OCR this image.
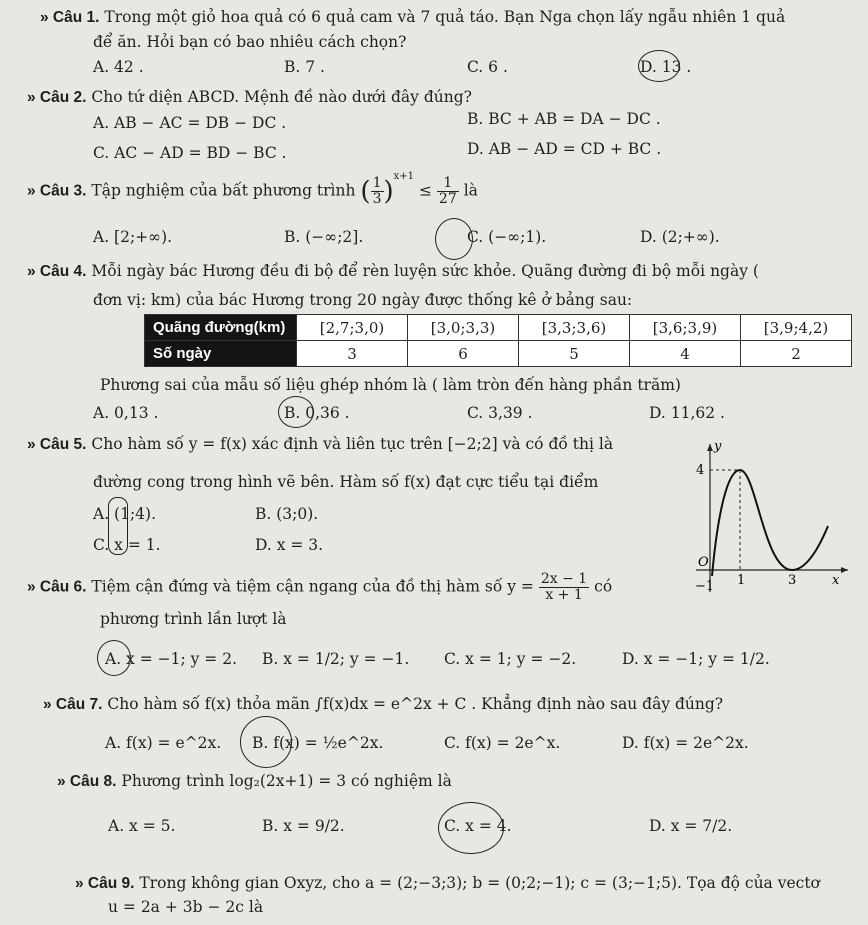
» Câu 1. Trong một giỏ hoa quả có 6 quả cam và 7 quả táo. Bạn Nga chọn lấy ngẫu nhiên 1 quả
để ăn. Hỏi bạn có bao nhiêu cách chọn?
A. 42 .	B. 7 .	C. 6 .	D. 13 .
» Câu 2. Cho tứ diện ABCD. Mệnh đề nào dưới đây đúng?
A. AB − AC = DB − DC .	B. BC + AB = DA − DC .
C. AC − AD = BD − BC .	D. AB − AD = CD + BC .
» Câu 3. Tập nghiệm của bất phương trình ( $\frac{1}{3} )^{x+1} \le \frac{1}{27}$ là
A. [2;+∞).	B. (−∞;2].	C. (−∞;1).	D. (2;+∞).
» Câu 4. Mỗi ngày bác Hương đều đi bộ để rèn luyện sức khỏe. Quãng đường đi bộ mỗi ngày (
đơn vị: km) của bác Hương trong 20 ngày được thống kê ở bảng sau:
Quãng đường(km)	[2,7;3,0)	[3,0;3,3)	[3,3;3,6)	[3,6;3,9)	[3,9;4,2)
Số ngày	3	6	5	4	2
Phương sai của mẫu số liệu ghép nhóm là ( làm tròn đến hàng phần trăm)
A. 0,13 .	B. 0,36 .	C. 3,39 .	D. 11,62 .
» Câu 5. Cho hàm số y = f(x) xác định và liên tục trên [−2;2] và có đồ thị là
đường cong trong hình vẽ bên. Hàm số f(x) đạt cực tiểu tại điểm
A. (1;4).	B. (3;0).
C. x = 1.	D. x = 3.
y
4
O
1	3	x
−1
» Câu 6. Tiệm cận đứng và tiệm cận ngang của đồ thị hàm số $y = \frac{2x - 1}{x + 1}$ có
phương trình lần lượt là
A. x = −1; y = 2. B. x = 1/2; y = −1. C. x = 1; y = −2.	D. x = −1; y = 1/2.
» Câu 7. Cho hàm số f(x) thỏa mãn ∫f(x)dx = e^2x + C . Khẳng định nào sau đây đúng?
A. f(x) = e^2x. B. f(x) = ½e^2x.	C. f(x) = 2e^x.	D. f(x) = 2e^2x.
» Câu 8. Phương trình log₂(2x+1) = 3 có nghiệm là
A. x = 5.	B. x = 9/2.	C. x = 4.	D. x = 7/2.
» Câu 9. Trong không gian Oxyz, cho a = (2;−3;3); b = (0;2;−1); c = (3;−1;5). Tọa độ của vectơ
u = 2a + 3b − 2c là
